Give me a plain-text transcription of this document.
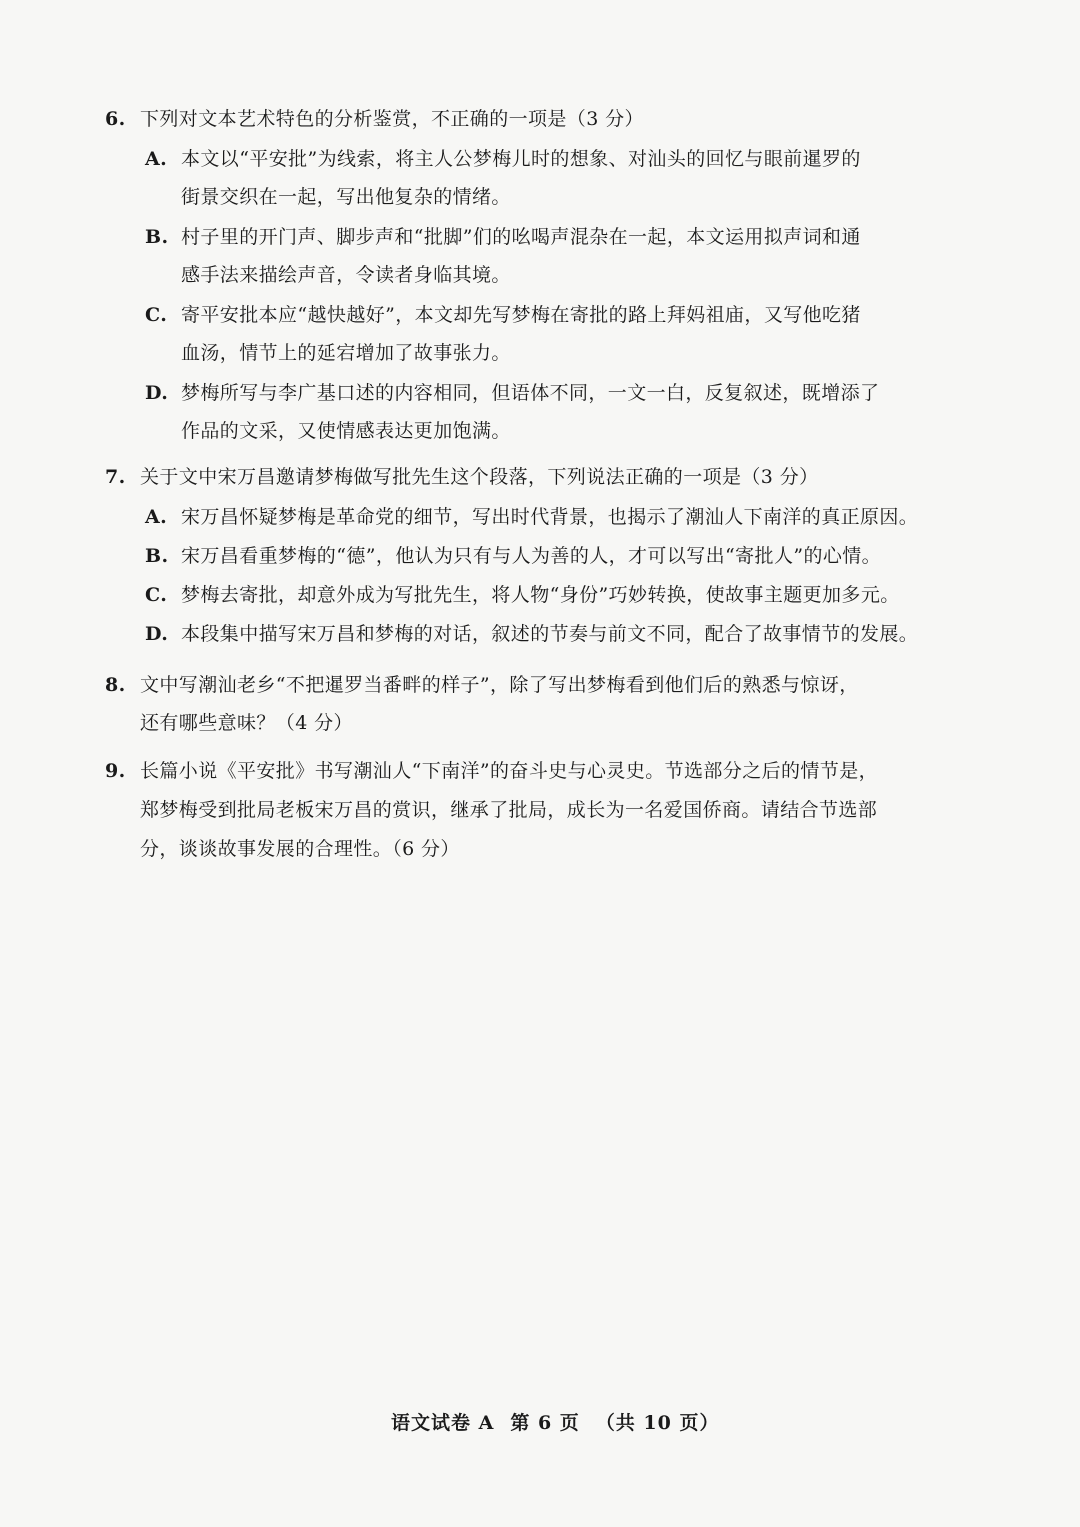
6. 下列对文本艺术特色的分析鉴赏，不正确的一项是（3 分）
A. 本文以“平安批”为线索，将主人公梦梅儿时的想象、对汕头的回忆与眼前暹罗的
街景交织在一起，写出他复杂的情绪。
B. 村子里的开门声、脚步声和“批脚”们的吆喝声混杂在一起，本文运用拟声词和通
感手法来描绘声音，令读者身临其境。
C. 寄平安批本应“越快越好”，本文却先写梦梅在寄批的路上拜妈祖庙，又写他吃猪
血汤，情节上的延宕增加了故事张力。
D. 梦梅所写与李广基口述的内容相同，但语体不同，一文一白，反复叙述，既增添了
作品的文采，又使情感表达更加饱满。
7. 关于文中宋万昌邀请梦梅做写批先生这个段落，下列说法正确的一项是（3 分）
A. 宋万昌怀疑梦梅是革命党的细节，写出时代背景，也揭示了潮汕人下南洋的真正原因。
B. 宋万昌看重梦梅的“德”，他认为只有与人为善的人，才可以写出“寄批人”的心情。
C. 梦梅去寄批，却意外成为写批先生，将人物“身份”巧妙转换，使故事主题更加多元。
D. 本段集中描写宋万昌和梦梅的对话，叙述的节奏与前文不同，配合了故事情节的发展。
8. 文中写潮汕老乡“不把暹罗当番畔的样子”，除了写出梦梅看到他们后的熟悉与惊讶，
还有哪些意味？（4 分）
9. 长篇小说《平安批》书写潮汕人“下南洋”的奋斗史与心灵史。节选部分之后的情节是，
郑梦梅受到批局老板宋万昌的赏识，继承了批局，成长为一名爱国侨商。请结合节选部
分，谈谈故事发展的合理性。（6 分）

语文试卷 A 第 6 页 （共 10 页）
